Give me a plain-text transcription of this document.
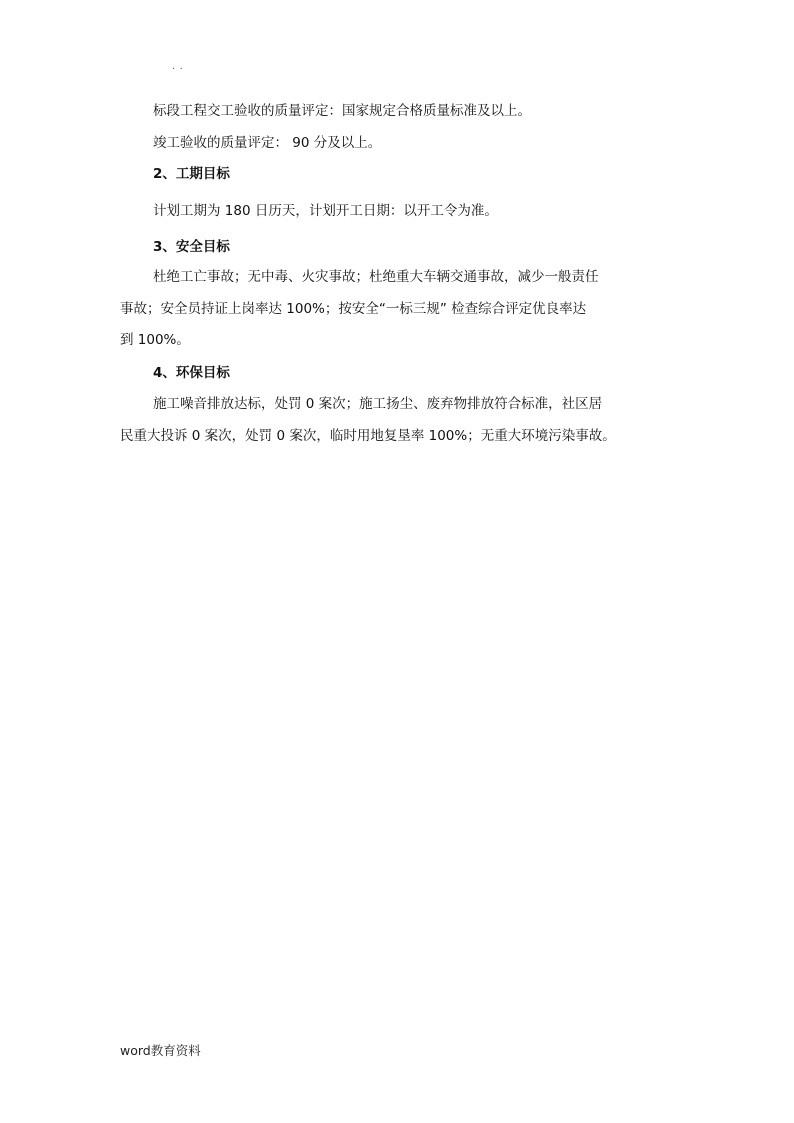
. .
标段工程交工验收的质量评定：国家规定合格质量标准及以上。
竣工验收的质量评定： 90 分及以上。
2、工期目标
计划工期为 180 日历天，计划开工日期：以开工令为准。
3、安全目标
杜绝工亡事故；无中毒、火灾事故；杜绝重大车辆交通事故，减少一般责任
事故；安全员持证上岗率达 100%；按安全“一标三规” 检查综合评定优良率达
到 100%。
4、环保目标
施工噪音排放达标，处罚 0 案次；施工扬尘、废弃物排放符合标准，社区居
民重大投诉 0 案次，处罚 0 案次，临时用地复垦率 100%；无重大环境污染事故。
word教育资料
